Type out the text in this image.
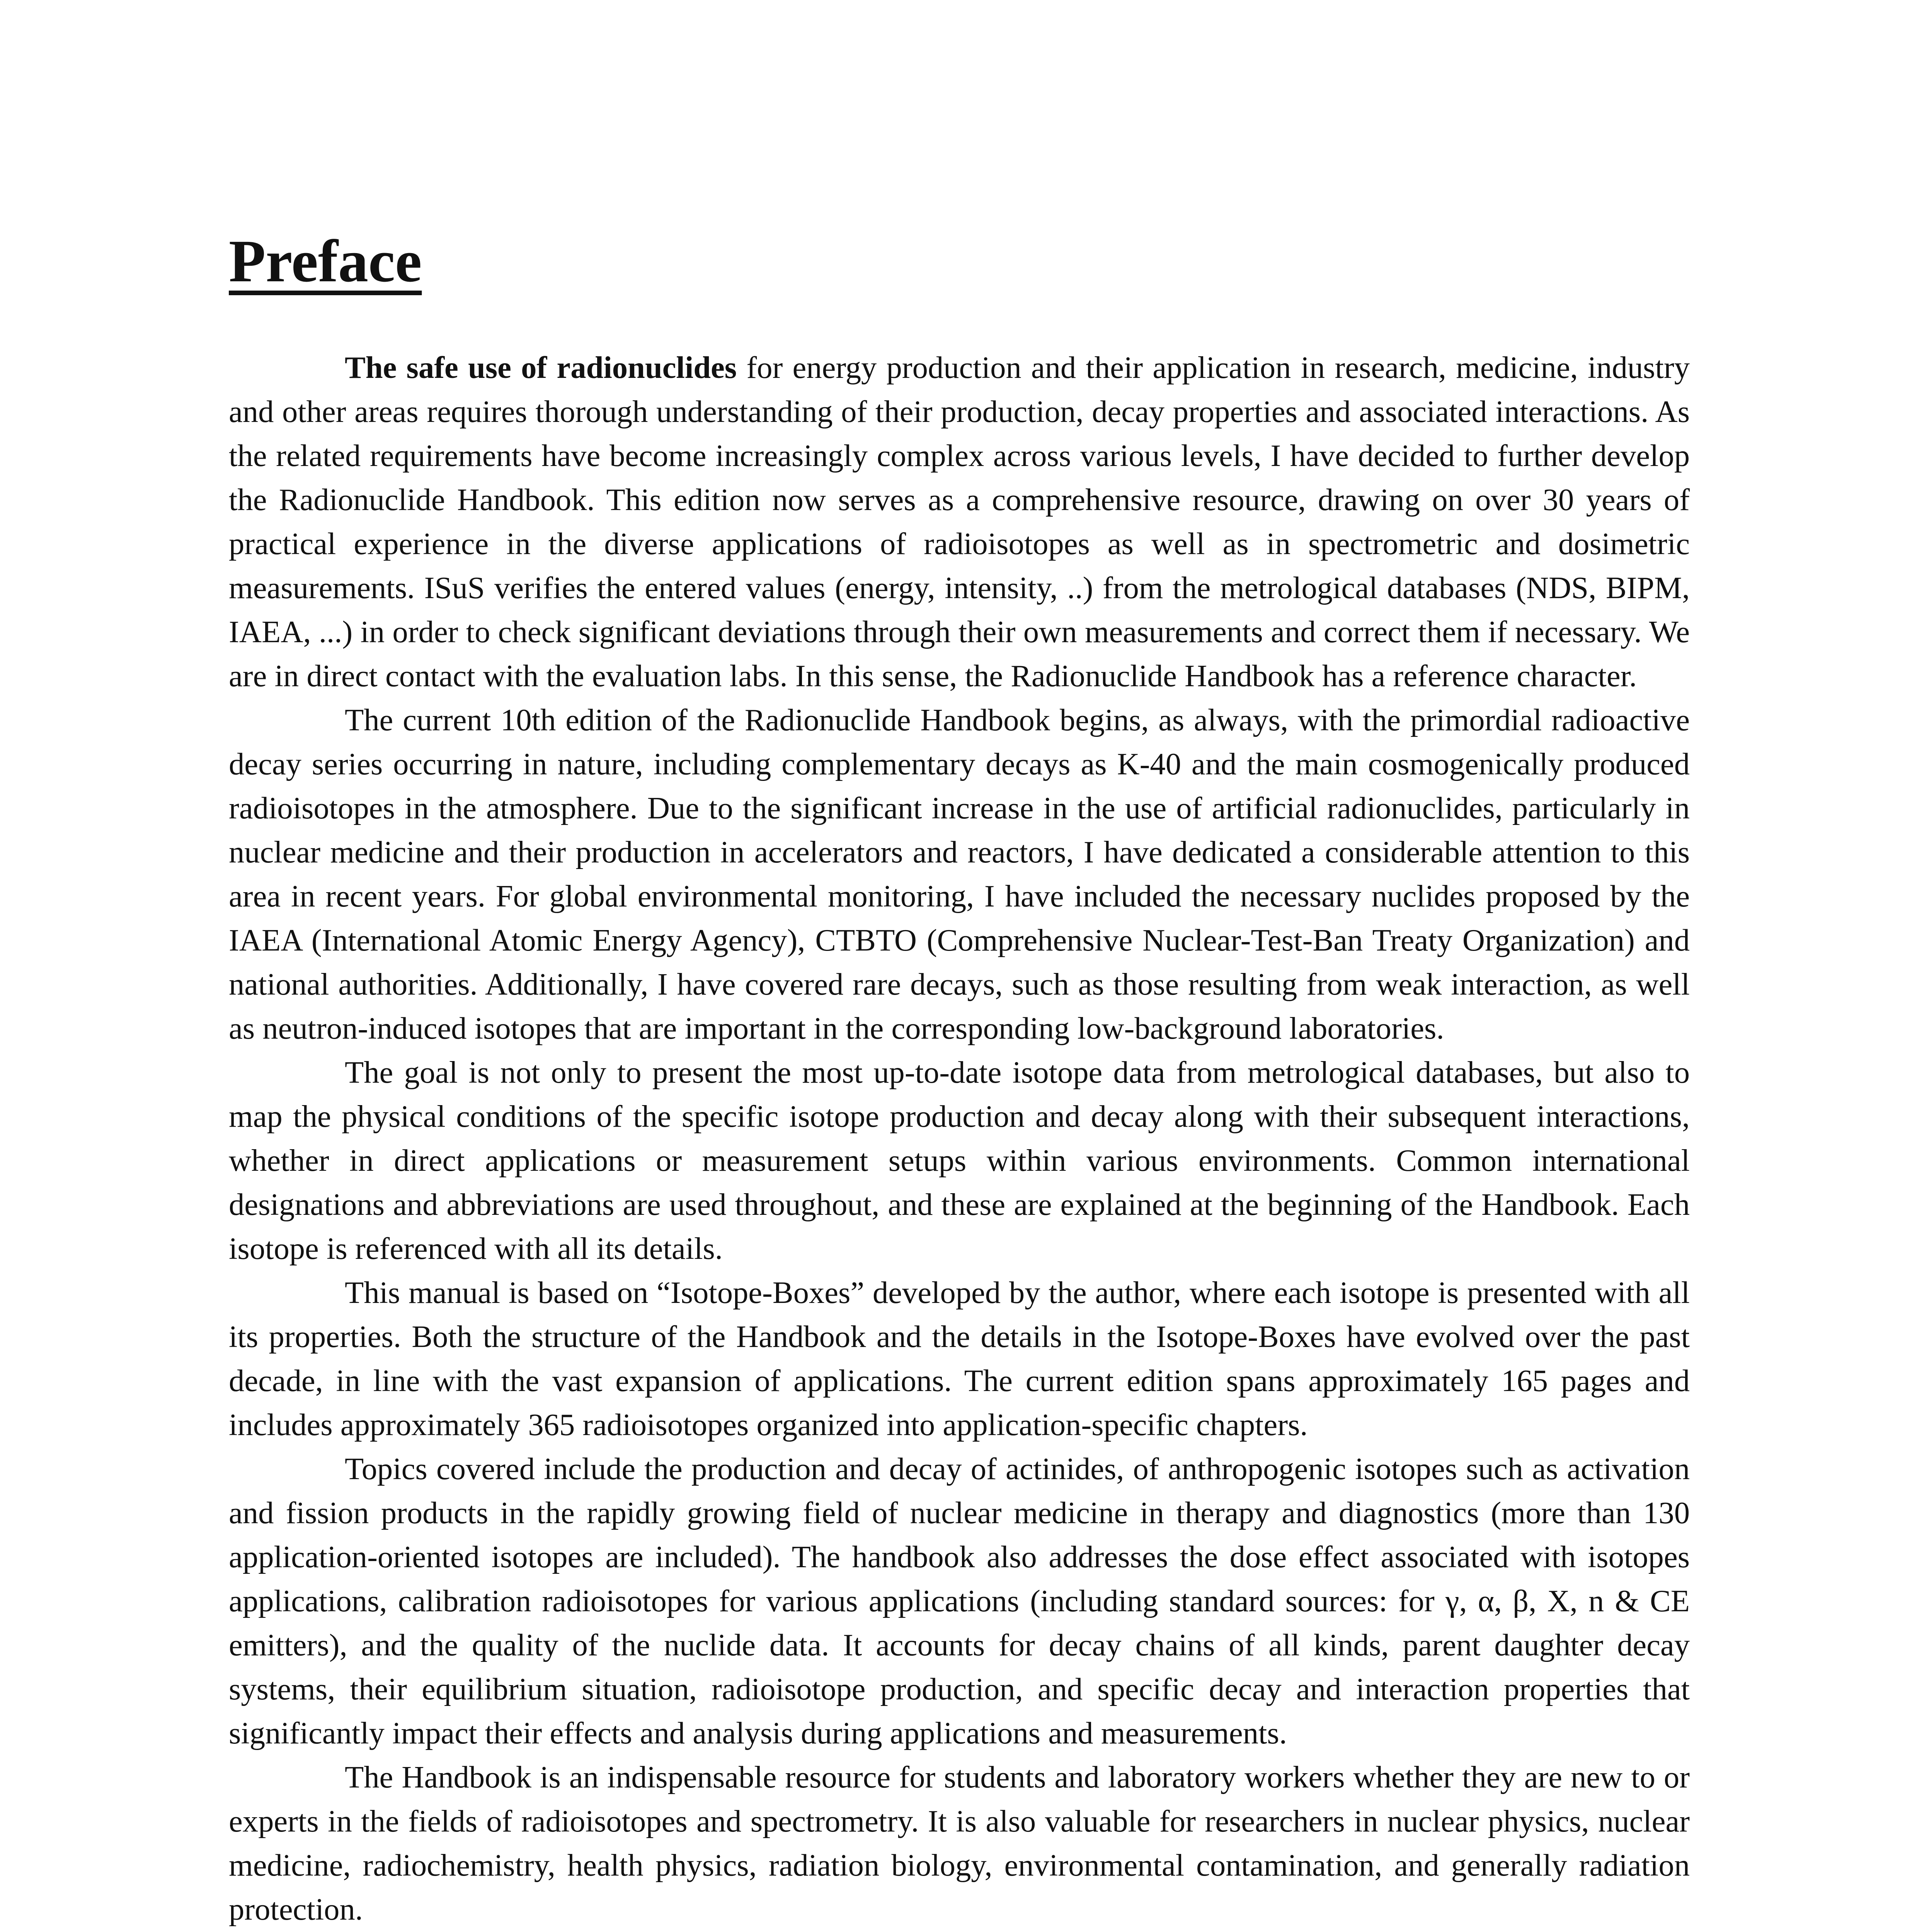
Preface

The safe use of radionuclides for energy production and their application in research, medicine, industry and other areas requires thorough understanding of their production, decay properties and associated interactions. As the related requirements have become increasingly complex across various levels, I have decided to further develop the Radionuclide Handbook. This edition now serves as a comprehensive resource, drawing on over 30 years of practical experience in the diverse applications of radioisotopes as well as in spectrometric and dosimetric measurements. ISuS verifies the entered values (energy, intensity, ..) from the metrological databases (NDS, BIPM, IAEA, ...) in order to check significant deviations through their own measurements and correct them if necessary. We are in direct contact with the evaluation labs. In this sense, the Radionuclide Handbook has a reference character.

The current 10th edition of the Radionuclide Handbook begins, as always, with the primordial radioactive decay series occurring in nature, including complementary decays as K-40 and the main cosmogenically produced radioisotopes in the atmosphere. Due to the significant increase in the use of artificial radionuclides, particularly in nuclear medicine and their production in accelerators and reactors, I have dedicated a considerable attention to this area in recent years. For global environmental monitoring, I have included the necessary nuclides proposed by the IAEA (International Atomic Energy Agency), CTBTO (Comprehensive Nuclear-Test-Ban Treaty Organization) and national authorities. Additionally, I have covered rare decays, such as those resulting from weak interaction, as well as neutron-induced isotopes that are important in the corresponding low-background laboratories.

The goal is not only to present the most up-to-date isotope data from metrological databases, but also to map the physical conditions of the specific isotope production and decay along with their subsequent interactions, whether in direct applications or measurement setups within various environments. Common international designations and abbreviations are used throughout, and these are explained at the beginning of the Handbook. Each isotope is referenced with all its details.

This manual is based on “Isotope-Boxes” developed by the author, where each isotope is presented with all its properties. Both the structure of the Handbook and the details in the Isotope-Boxes have evolved over the past decade, in line with the vast expansion of applications. The current edition spans approximately 165 pages and includes approximately 365 radioisotopes organized into application-specific chapters.

Topics covered include the production and decay of actinides, of anthropogenic isotopes such as activation and fission products in the rapidly growing field of nuclear medicine in therapy and diagnostics (more than 130 application-oriented isotopes are included). The handbook also addresses the dose effect associated with isotopes applications, calibration radioisotopes for various applications (including standard sources: for γ, α, β, X, n & CE emitters), and the quality of the nuclide data. It accounts for decay chains of all kinds, parent daughter decay systems, their equilibrium situation, radioisotope production, and specific decay and interaction properties that significantly impact their effects and analysis during applications and measurements.

The Handbook is an indispensable resource for students and laboratory workers whether they are new to or experts in the fields of radioisotopes and spectrometry. It is also valuable for researchers in nuclear physics, nuclear medicine, radiochemistry, health physics, radiation biology, environmental contamination, and generally radiation protection.
